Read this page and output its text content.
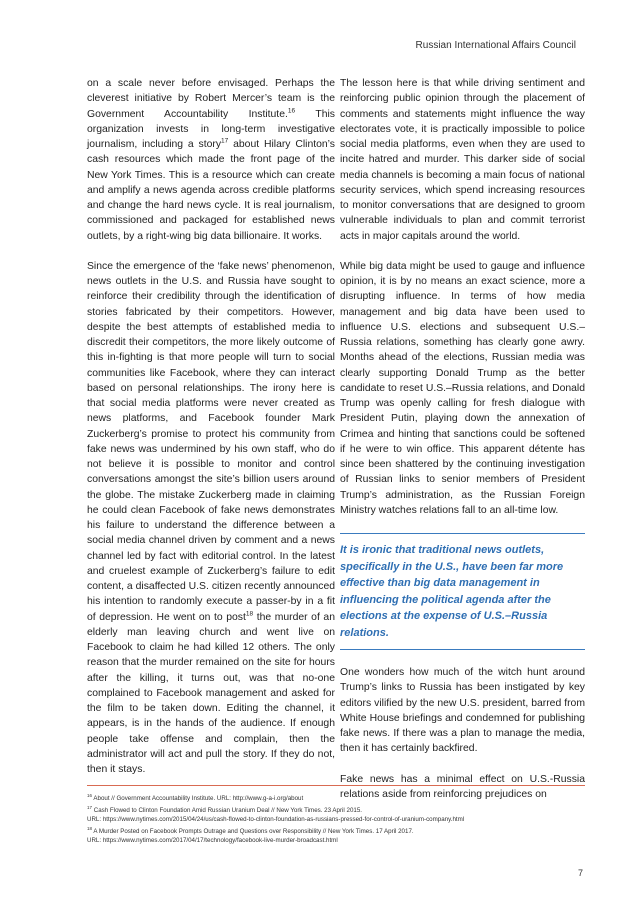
Russian International Affairs Council

on a scale never before envisaged. Perhaps the cleverest initiative by Robert Mercer’s team is the Government Accountability Institute.$^{16}$ This organization invests in long-term investigative journalism, including a story$^{17}$ about Hilary Clinton’s cash resources which made the front page of the New York Times. This is a resource which can create and amplify a news agenda across credible platforms and change the hard news cycle. It is real journalism, commissioned and packaged for established news outlets, by a right-wing big data billionaire. It works.

Since the emergence of the ‘fake news’ phenomenon, news outlets in the U.S. and Russia have sought to reinforce their credibility through the identification of stories fabricated by their competitors. However, despite the best attempts of established media to discredit their competitors, the more likely outcome of this in-fighting is that more people will turn to social communities like Facebook, where they can interact based on personal relationships. The irony here is that social media platforms were never created as news platforms, and Facebook founder Mark Zuckerberg’s promise to protect his community from fake news was undermined by his own staff, who do not believe it is possible to monitor and control conversations amongst the site’s billion users around the globe. The mistake Zuckerberg made in claiming he could clean Facebook of fake news demonstrates his failure to understand the difference between a social media channel driven by comment and a news channel led by fact with editorial control. In the latest and cruelest example of Zuckerberg’s failure to edit content, a disaffected U.S. citizen recently announced his intention to randomly execute a passer-by in a fit of depression. He went on to post$^{18}$ the murder of an elderly man leaving church and went live on Facebook to claim he had killed 12 others. The only reason that the murder remained on the site for hours after the killing, it turns out, was that no-one complained to Facebook management and asked for the film to be taken down. Editing the channel, it appears, is in the hands of the audience. If enough people take offense and complain, then the administrator will act and pull the story. If they do not, then it stays.

The lesson here is that while driving sentiment and reinforcing public opinion through the placement of comments and statements might influence the way electorates vote, it is practically impossible to police social media platforms, even when they are used to incite hatred and murder. This darker side of social media channels is becoming a main focus of national security services, which spend increasing resources to monitor conversations that are designed to groom vulnerable individuals to plan and commit terrorist acts in major capitals around the world.

While big data might be used to gauge and influence opinion, it is by no means an exact science, more a disrupting influence. In terms of how media management and big data have been used to influence U.S. elections and subsequent U.S.–Russia relations, something has clearly gone awry. Months ahead of the elections, Russian media was clearly supporting Donald Trump as the better candidate to reset U.S.–Russia relations, and Donald Trump was openly calling for fresh dialogue with President Putin, playing down the annexation of Crimea and hinting that sanctions could be softened if he were to win office. This apparent détente has since been shattered by the continuing investigation of Russian links to senior members of President Trump’s administration, as the Russian Foreign Ministry watches relations fall to an all-time low.

It is ironic that traditional news outlets, specifically in the U.S., have been far more effective than big data management in influencing the political agenda after the elections at the expense of U.S.–Russia relations.

One wonders how much of the witch hunt around Trump’s links to Russia has been instigated by key editors vilified by the new U.S. president, barred from White House briefings and condemned for publishing fake news. If there was a plan to manage the media, then it has certainly backfired.

Fake news has a minimal effect on U.S.-Russia relations aside from reinforcing prejudices on

$^{16}$ About // Government Accountability Institute. URL: http://www.g-a-i.org/about
$^{17}$ Cash Flowed to Clinton Foundation Amid Russian Uranium Deal // New York Times. 23 April 2015.
URL: https://www.nytimes.com/2015/04/24/us/cash-flowed-to-clinton-foundation-as-russians-pressed-for-control-of-uranium-company.html
$^{18}$ A Murder Posted on Facebook Prompts Outrage and Questions over Responsibility // New York Times. 17 April 2017.
URL: https://www.nytimes.com/2017/04/17/technology/facebook-live-murder-broadcast.html
7
